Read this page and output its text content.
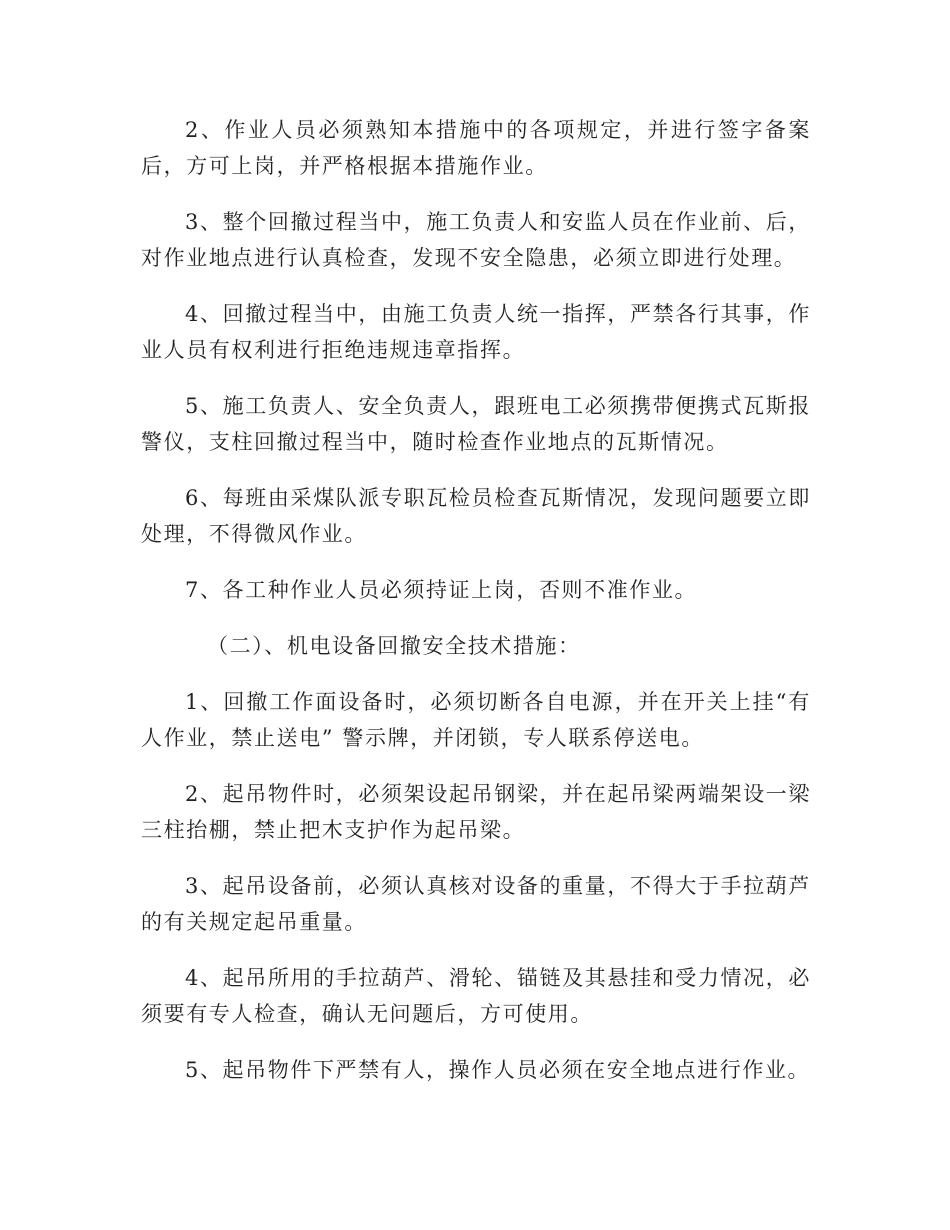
2、作业人员必须熟知本措施中的各项规定，并进行签字备案后，方可上岗，并严格根据本措施作业。

3、整个回撤过程当中，施工负责人和安监人员在作业前、后，对作业地点进行认真检查，发现不安全隐患，必须立即进行处理。

4、回撤过程当中，由施工负责人统一指挥，严禁各行其事，作业人员有权利进行拒绝违规违章指挥。

5、施工负责人、安全负责人，跟班电工必须携带便携式瓦斯报警仪，支柱回撤过程当中，随时检查作业地点的瓦斯情况。

6、每班由采煤队派专职瓦检员检查瓦斯情况，发现问题要立即处理，不得微风作业。

7、各工种作业人员必须持证上岗，否则不准作业。

（二）、机电设备回撤安全技术措施：

1、回撤工作面设备时，必须切断各自电源，并在开关上挂“有人作业，禁止送电” 警示牌，并闭锁，专人联系停送电。

2、起吊物件时，必须架设起吊钢梁，并在起吊梁两端架设一梁三柱抬棚，禁止把木支护作为起吊梁。

3、起吊设备前，必须认真核对设备的重量，不得大于手拉葫芦的有关规定起吊重量。

4、起吊所用的手拉葫芦、滑轮、锚链及其悬挂和受力情况，必须要有专人检查，确认无问题后，方可使用。

5、起吊物件下严禁有人，操作人员必须在安全地点进行作业。
